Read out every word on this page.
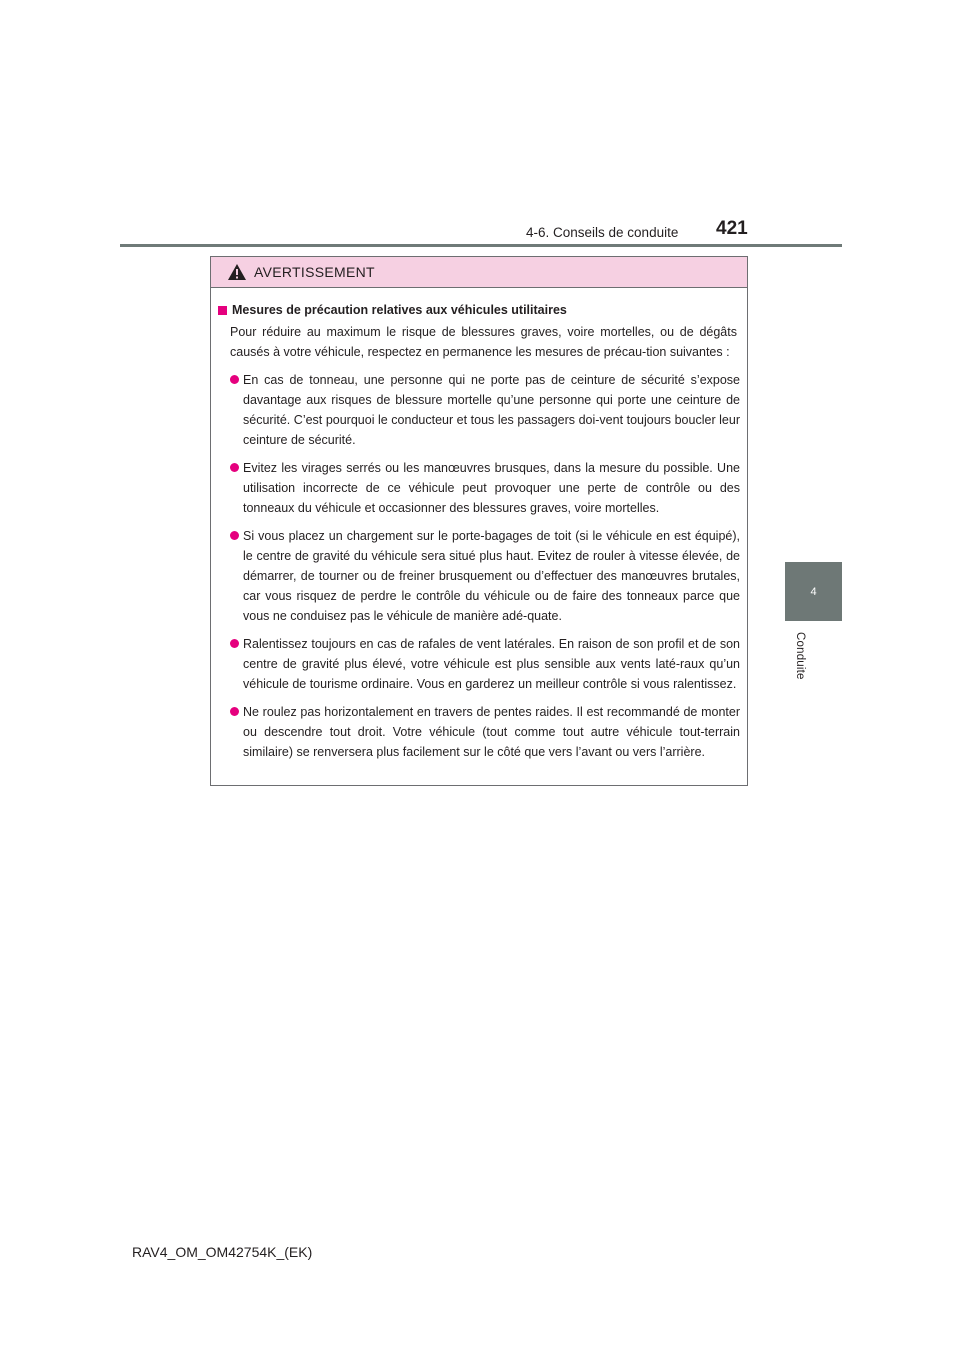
4-6. Conseils de conduite 421
4
Conduite
AVERTISSEMENT
Mesures de précaution relatives aux véhicules utilitaires
Pour réduire au maximum le risque de blessures graves, voire mortelles, ou de dégâts causés à votre véhicule, respectez en permanence les mesures de précau-tion suivantes :
En cas de tonneau, une personne qui ne porte pas de ceinture de sécurité s’expose davantage aux risques de blessure mortelle qu’une personne qui porte une ceinture de sécurité. C’est pourquoi le conducteur et tous les passagers doi-vent toujours boucler leur ceinture de sécurité.
Evitez les virages serrés ou les manœuvres brusques, dans la mesure du possible. Une utilisation incorrecte de ce véhicule peut provoquer une perte de contrôle ou des tonneaux du véhicule et occasionner des blessures graves, voire mortelles.
Si vous placez un chargement sur le porte-bagages de toit (si le véhicule en est équipé), le centre de gravité du véhicule sera situé plus haut. Evitez de rouler à vitesse élevée, de démarrer, de tourner ou de freiner brusquement ou d’effectuer des manœuvres brutales, car vous risquez de perdre le contrôle du véhicule ou de faire des tonneaux parce que vous ne conduisez pas le véhicule de manière adé-quate.
Ralentissez toujours en cas de rafales de vent latérales. En raison de son profil et de son centre de gravité plus élevé, votre véhicule est plus sensible aux vents laté-raux qu’un véhicule de tourisme ordinaire. Vous en garderez un meilleur contrôle si vous ralentissez.
Ne roulez pas horizontalement en travers de pentes raides. Il est recommandé de monter ou descendre tout droit. Votre véhicule (tout comme tout autre véhicule tout-terrain similaire) se renversera plus facilement sur le côté que vers l’avant ou vers l’arrière.
RAV4_OM_OM42754K_(EK)
